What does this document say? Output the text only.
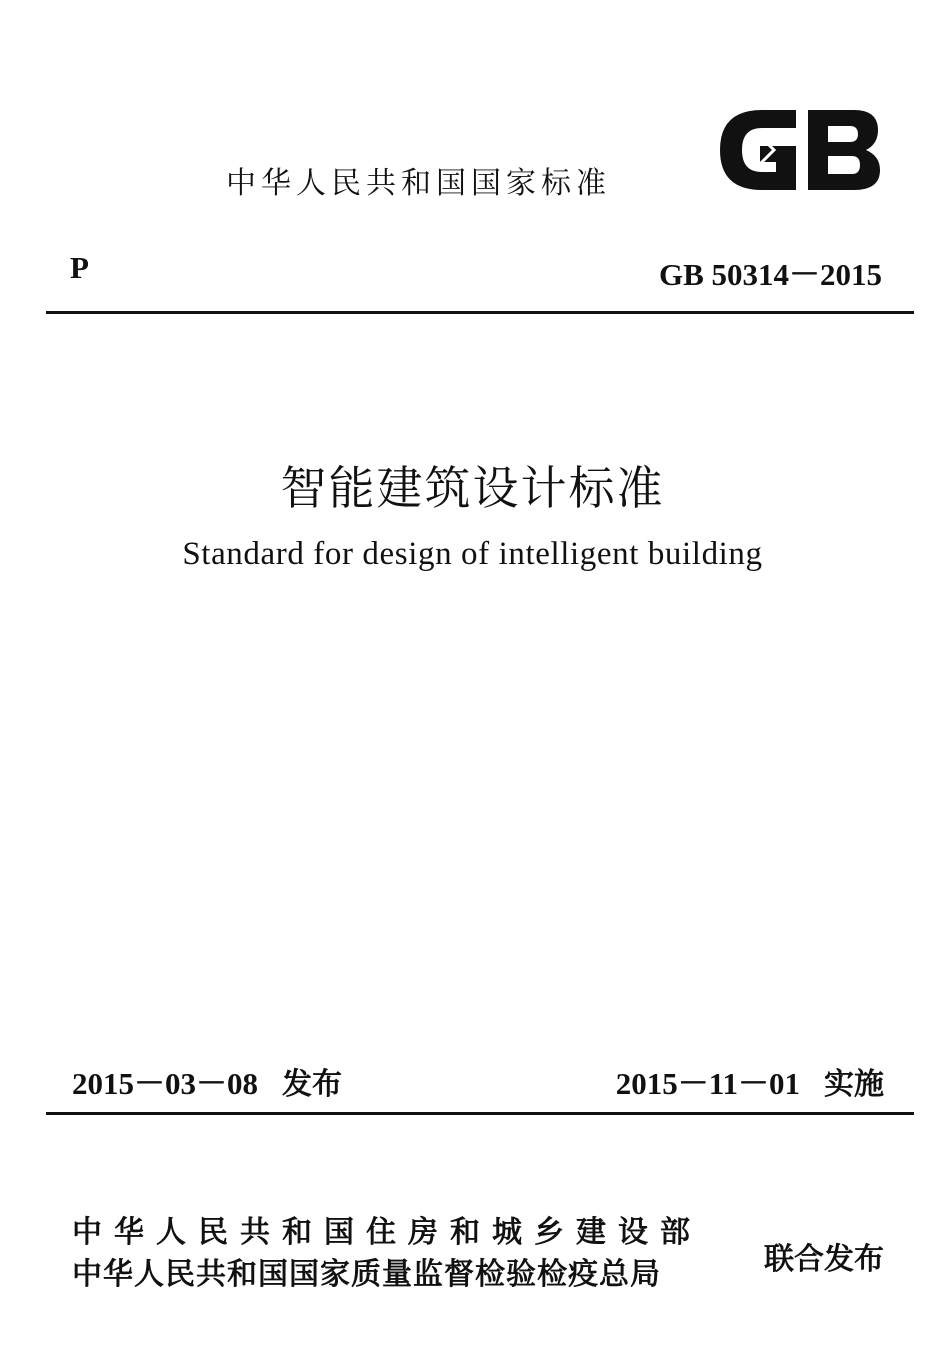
中华人民共和国国家标准
P	GB 50314－2015
智能建筑设计标准
Standard for design of intelligent building
2015－03－08 发布	2015－11－01 实施
中华人民共和国住房和城乡建设部
中华人民共和国国家质量监督检验检疫总局	联合发布
